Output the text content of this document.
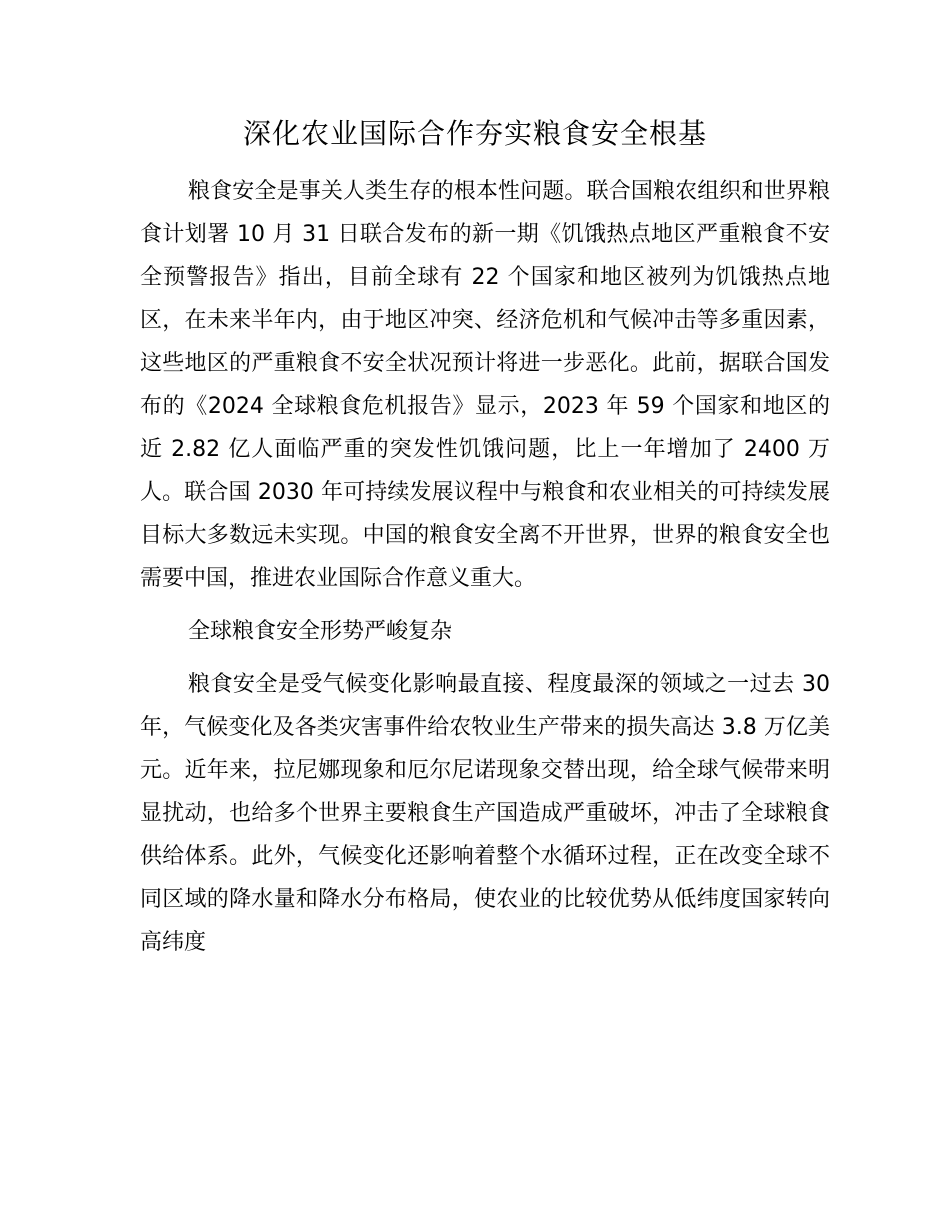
深化农业国际合作夯实粮食安全根基

粮食安全是事关人类生存的根本性问题。联合国粮农组织和世界粮食计划署 10 月 31 日联合发布的新一期《饥饿热点地区严重粮食不安全预警报告》指出，目前全球有 22 个国家和地区被列为饥饿热点地区，在未来半年内，由于地区冲突、经济危机和气候冲击等多重因素，这些地区的严重粮食不安全状况预计将进一步恶化。此前，据联合国发布的《2024 全球粮食危机报告》显示，2023 年 59 个国家和地区的近 2.82 亿人面临严重的突发性饥饿问题，比上一年增加了 2400 万人。联合国 2030 年可持续发展议程中与粮食和农业相关的可持续发展目标大多数远未实现。中国的粮食安全离不开世界，世界的粮食安全也需要中国，推进农业国际合作意义重大。

全球粮食安全形势严峻复杂

粮食安全是受气候变化影响最直接、程度最深的领域之一过去 30 年，气候变化及各类灾害事件给农牧业生产带来的损失高达 3.8 万亿美元。近年来，拉尼娜现象和厄尔尼诺现象交替出现，给全球气候带来明显扰动，也给多个世界主要粮食生产国造成严重破坏，冲击了全球粮食供给体系。此外，气候变化还影响着整个水循环过程，正在改变全球不同区域的降水量和降水分布格局，使农业的比较优势从低纬度国家转向高纬度
